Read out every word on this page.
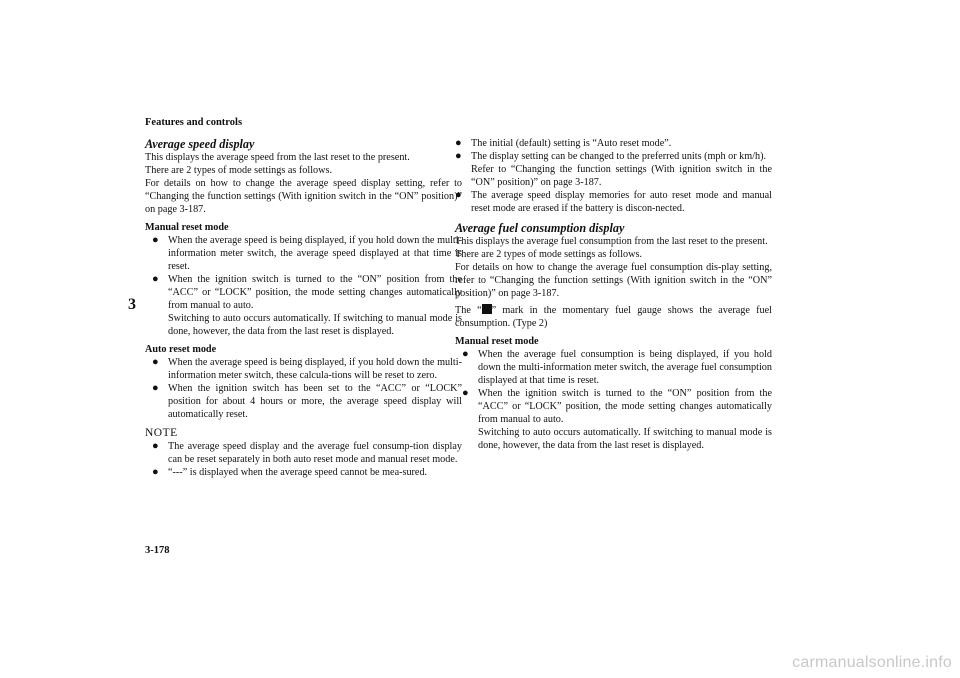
Features and controls
3
Average speed display

This displays the average speed from the last reset to the present.

There are 2 types of mode settings as follows.

For details on how to change the average speed display setting, refer to “Changing the function settings (With ignition switch in the “ON” position)” on page 3-187.

Manual reset mode
● When the average speed is being displayed, if you hold down the multi-information meter switch, the average speed displayed at that time is reset.
● When the ignition switch is turned to the “ON” position from the “ACC” or “LOCK” position, the mode setting changes automatically from manual to auto.

Switching to auto occurs automatically. If switching to manual mode is done, however, the data from the last reset is displayed.

Auto reset mode
● When the average speed is being displayed, if you hold down the multi-information meter switch, these calcula-tions will be reset to zero.
● When the ignition switch has been set to the “ACC” or “LOCK” position for about 4 hours or more, the average speed display will automatically reset.
NOTE
● The average speed display and the average fuel consump-tion display can be reset separately in both auto reset mode and manual reset mode.
● “---” is displayed when the average speed cannot be mea-sured.
● The initial (default) setting is “Auto reset mode”.
● The display setting can be changed to the preferred units (mph or km/h).

Refer to “Changing the function settings (With ignition switch in the “ON” position)” on page 3-187.

● The average speed display memories for auto reset mode and manual reset mode are erased if the battery is discon-nected.
Average fuel consumption display

This displays the average fuel consumption from the last reset to the present.

There are 2 types of mode settings as follows.

For details on how to change the average fuel consumption dis-play setting, refer to “Changing the function settings (With ignition switch in the “ON” position)” on page 3-187.

The “ ” mark in the momentary fuel gauge shows the average fuel consumption. (Type 2)

Manual reset mode
● When the average fuel consumption is being displayed, if you hold down the multi-information meter switch, the average fuel consumption displayed at that time is reset.
● When the ignition switch is turned to the “ON” position from the “ACC” or “LOCK” position, the mode setting changes automatically from manual to auto.

Switching to auto occurs automatically. If switching to manual mode is done, however, the data from the last reset is displayed.

3-178
carmanualsonline.info
